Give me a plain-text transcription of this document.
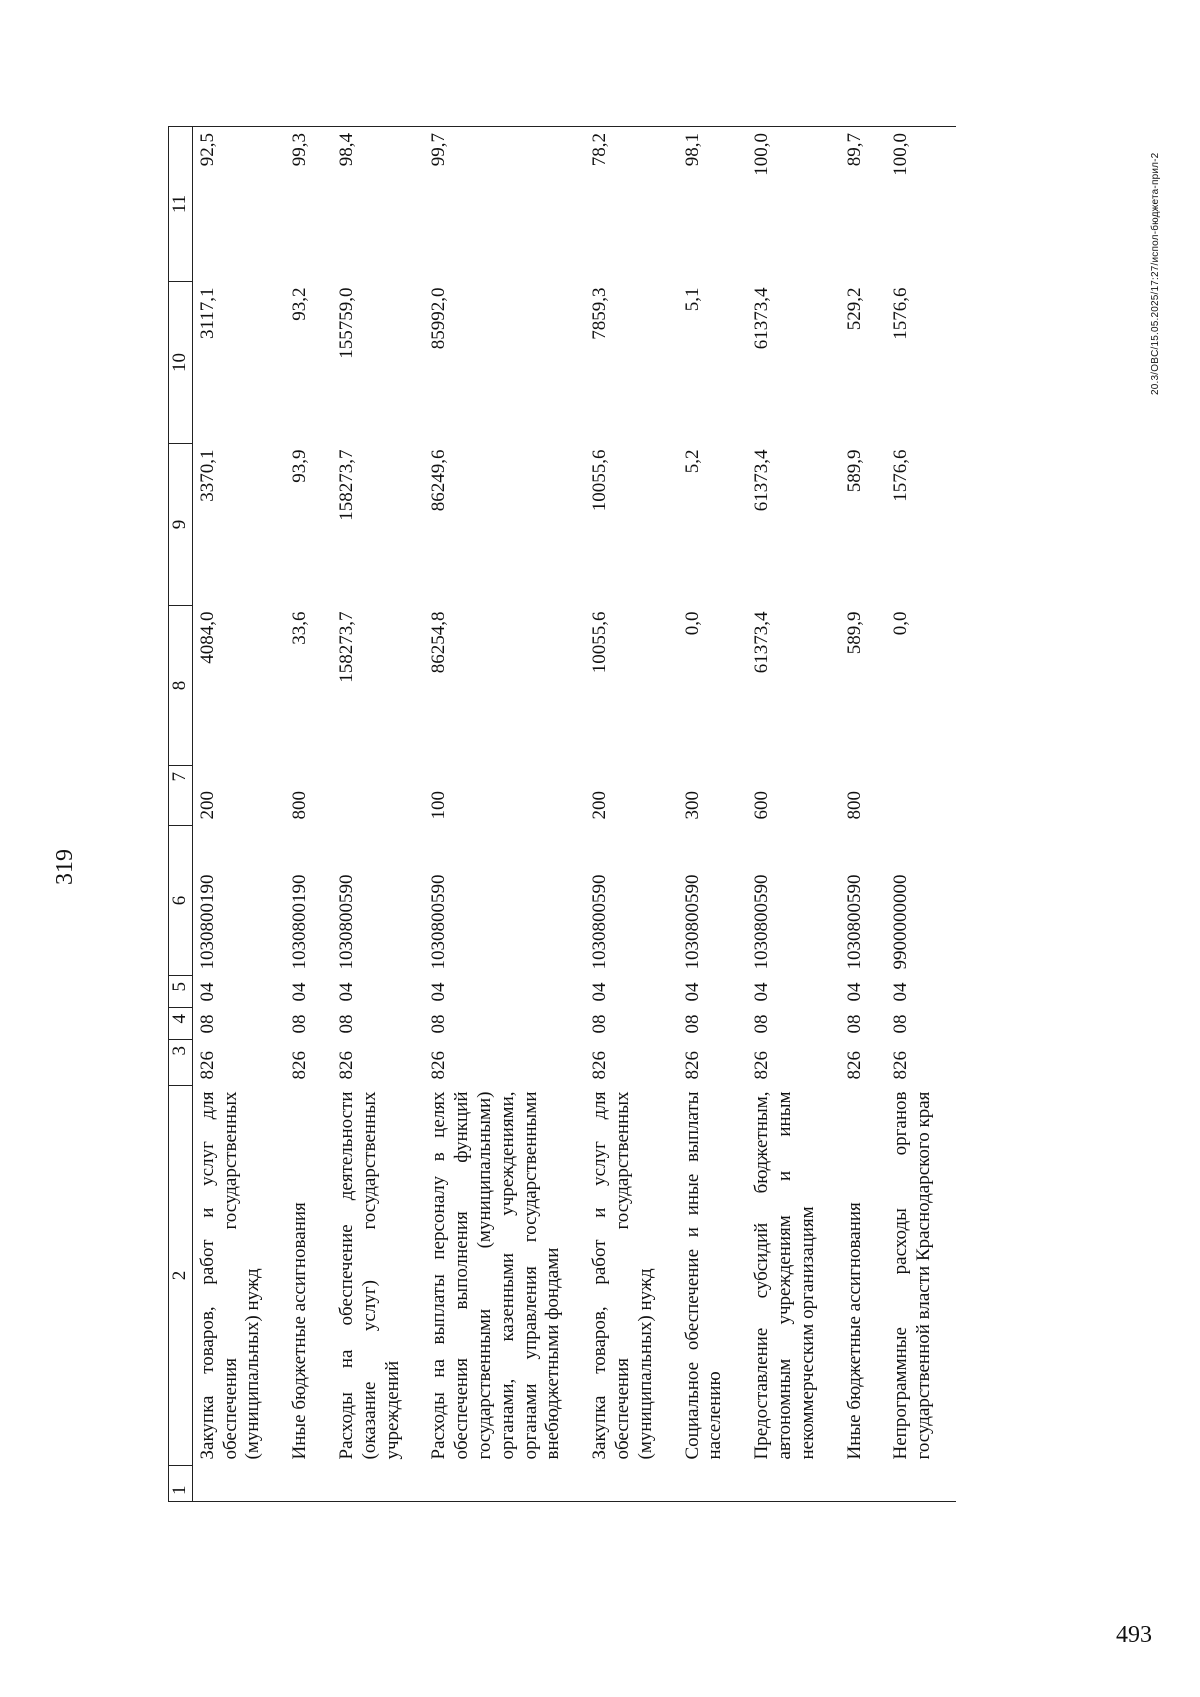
319
1	2	3	4	5	6	7	8	9	10	11
	Закупка товаров, работ и услуг для обеспечения государственных (муниципальных) нужд	826	08	04	1030800190	200	4084,0	3370,1	3117,1	92,5
	Иные бюджетные ассигнования	826	08	04	1030800190	800	33,6	93,9	93,2	99,3
	Расходы на обеспечение деятельности (оказание услуг) государственных учреждений	826	08	04	1030800590		158273,7	158273,7	155759,0	98,4
	Расходы на выплаты персоналу в целях обеспечения выполнения функций государственными (муниципальными) органами, казенными учреждениями, органами управления государственными внебюджетными фондами	826	08	04	1030800590	100	86254,8	86249,6	85992,0	99,7
	Закупка товаров, работ и услуг для обеспечения государственных (муниципальных) нужд	826	08	04	1030800590	200	10055,6	10055,6	7859,3	78,2
	Социальное обеспечение и иные выплаты населению	826	08	04	1030800590	300	0,0	5,2	5,1	98,1
	Предоставление субсидий бюджетным, автономным учреждениям и иным некоммерческим организациям	826	08	04	1030800590	600	61373,4	61373,4	61373,4	100,0
	Иные бюджетные ассигнования	826	08	04	1030800590	800	589,9	589,9	529,2	89,7
	Непрограммные расходы органов государственной власти Краснодарского края	826	08	04	9900000000		0,0	1576,6	1576,6	100,0	20.3/OBC/15.05.2025/17:27/испол-бюджета-прил-2
493
